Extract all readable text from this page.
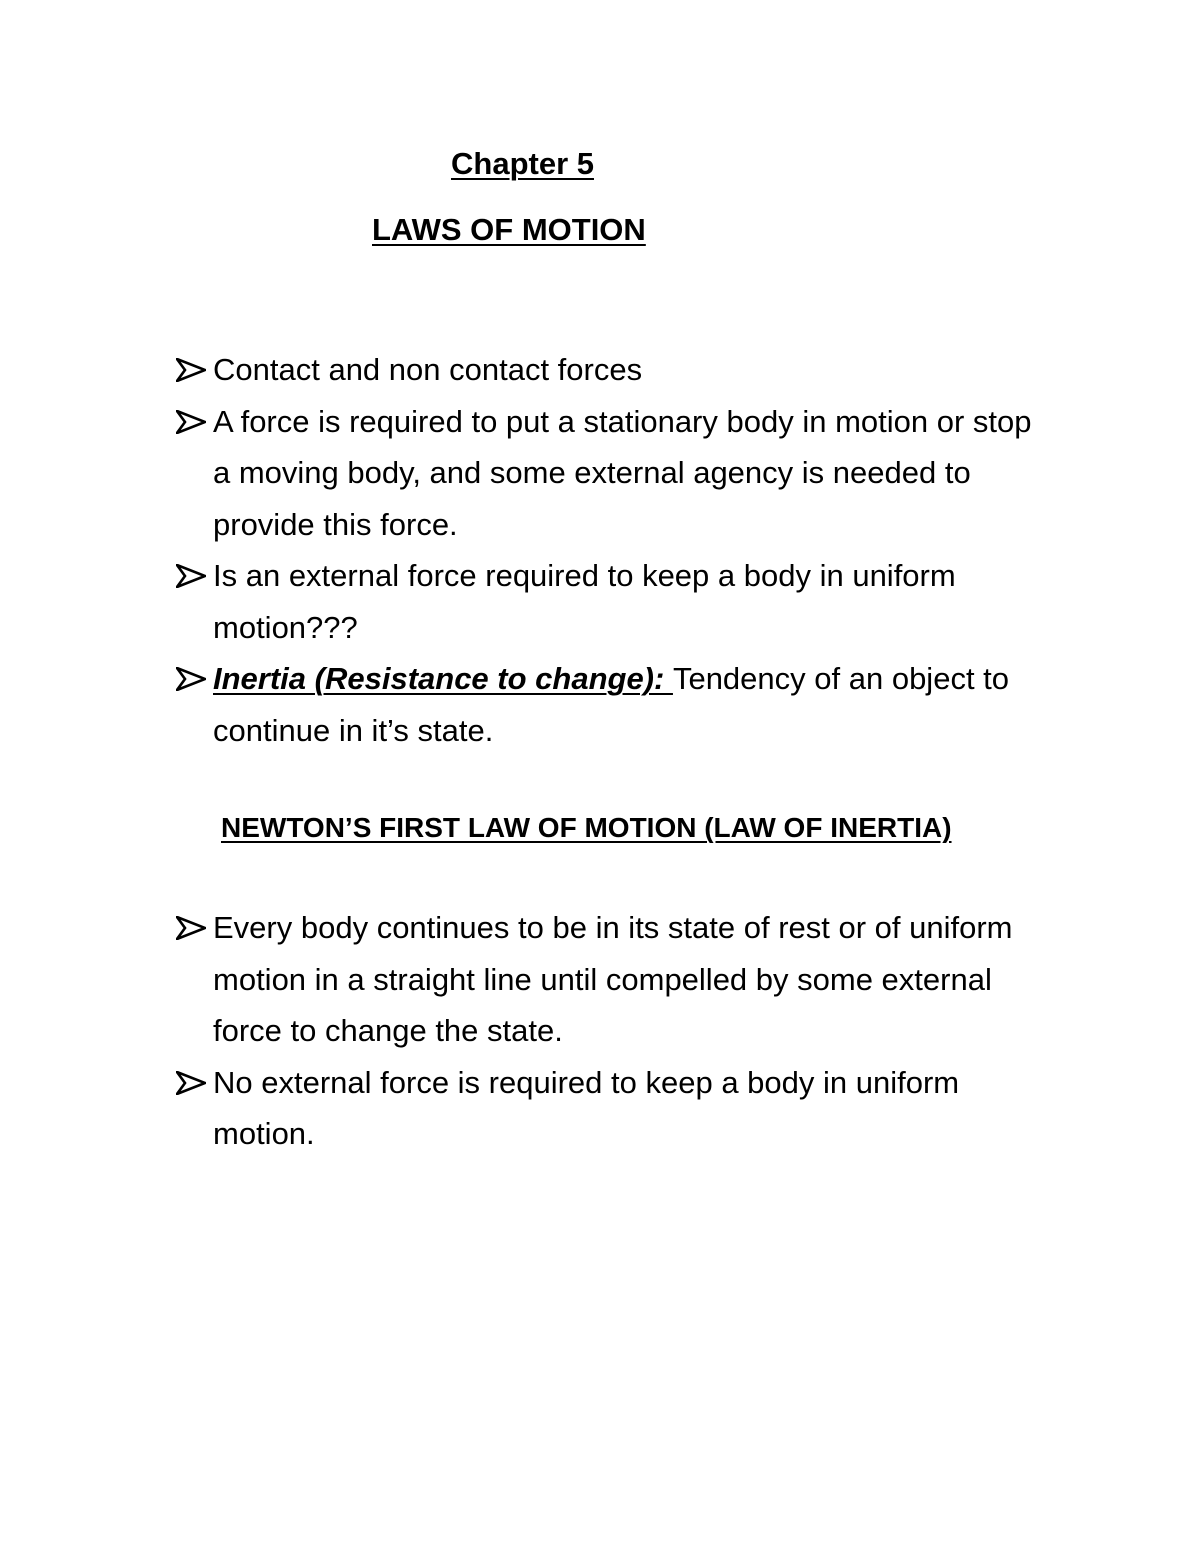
Chapter 5
LAWS OF MOTION
Contact and non contact forces
A force is required to put a stationary body in motion or stop a moving body, and some external agency is needed to provide this force.
Is an external force required to keep a body in uniform motion???
Inertia (Resistance to change): Tendency of an object to continue in it’s state.
NEWTON’S FIRST LAW OF MOTION (LAW OF INERTIA)
Every body continues to be in its state of rest or of uniform motion in a straight line until compelled by some external force to change the state.
No external force is required to keep a body in uniform motion.
